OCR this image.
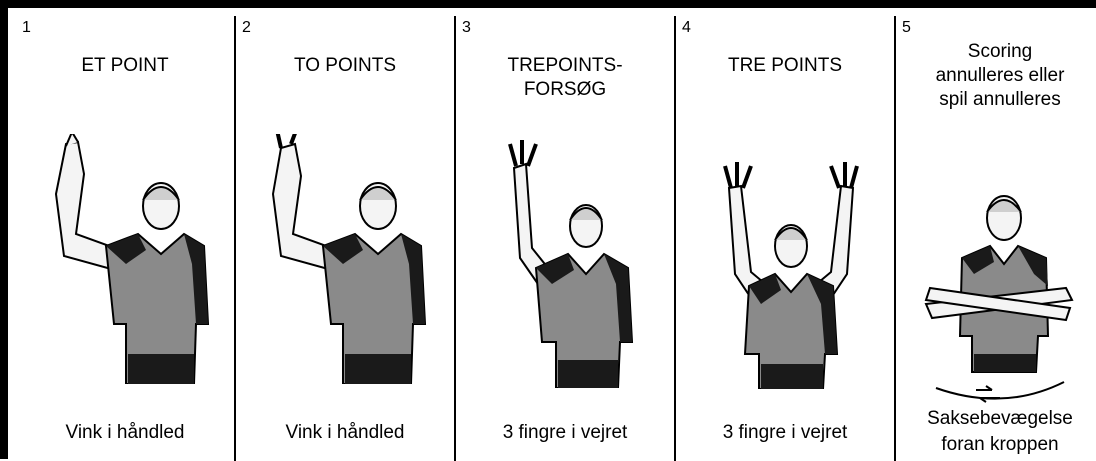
1
ET POINT
Vink i håndled
2
TO POINTS
Vink i håndled
3
TREPOINTS-
FORSØG
3 fingre i vejret
4
TRE POINTS
3 fingre i vejret
5
Scoring
annulleres eller
spil annulleres
Saksebevægelse
foran kroppen
